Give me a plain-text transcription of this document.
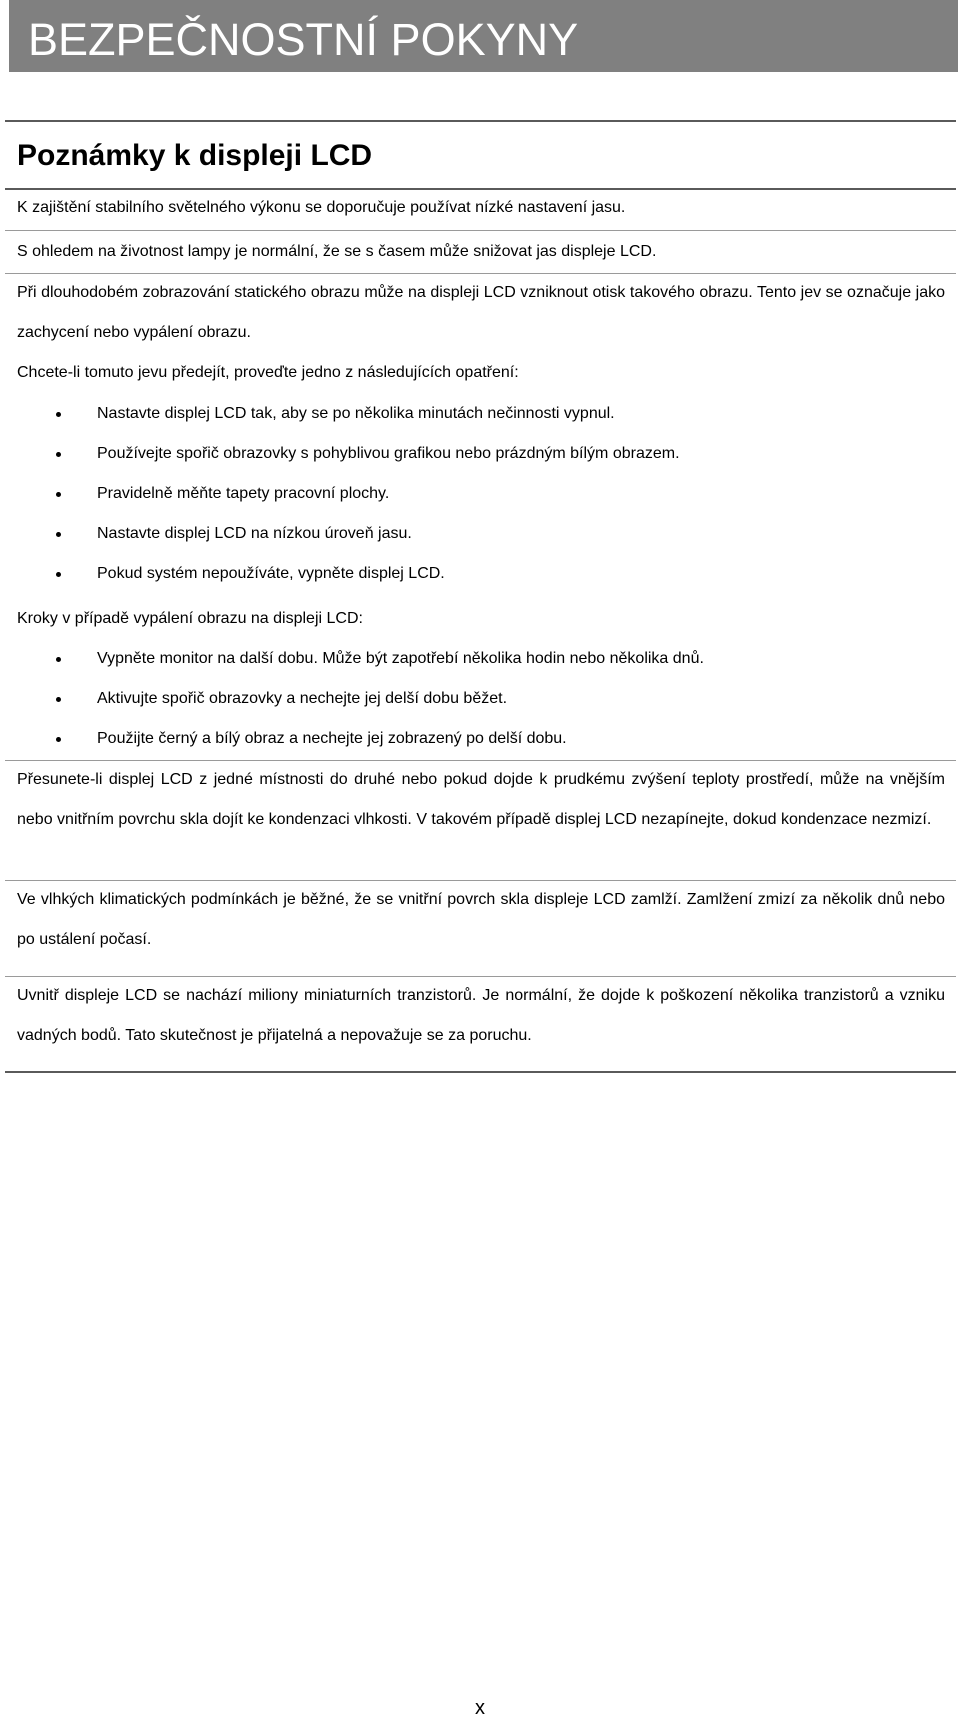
BEZPEČNOSTNÍ POKYNY
Poznámky k displeji LCD
K zajištění stabilního světelného výkonu se doporučuje používat nízké nastavení jasu.
S ohledem na životnost lampy je normální, že se s časem může snižovat jas displeje LCD.
Při dlouhodobém zobrazování statického obrazu může na displeji LCD vzniknout otisk takového obrazu. Tento jev se označuje jako zachycení nebo vypálení obrazu.
Chcete-li tomuto jevu předejít, proveďte jedno z následujících opatření:
Nastavte displej LCD tak, aby se po několika minutách nečinnosti vypnul.
Používejte spořič obrazovky s pohyblivou grafikou nebo prázdným bílým obrazem.
Pravidelně měňte tapety pracovní plochy.
Nastavte displej LCD na nízkou úroveň jasu.
Pokud systém nepoužíváte, vypněte displej LCD.
Kroky v případě vypálení obrazu na displeji LCD:
Vypněte monitor na další dobu. Může být zapotřebí několika hodin nebo několika dnů.
Aktivujte spořič obrazovky a nechejte jej delší dobu běžet.
Použijte černý a bílý obraz a nechejte jej zobrazený po delší dobu.
Přesunete-li displej LCD z jedné místnosti do druhé nebo pokud dojde k prudkému zvýšení teploty prostředí, může na vnějším nebo vnitřním povrchu skla dojít ke kondenzaci vlhkosti. V takovém případě displej LCD nezapínejte, dokud kondenzace nezmizí.
Ve vlhkých klimatických podmínkách je běžné, že se vnitřní povrch skla displeje LCD zamlží. Zamlžení zmizí za několik dnů nebo po ustálení počasí.
Uvnitř displeje LCD se nachází miliony miniaturních tranzistorů. Je normální, že dojde k poškození několika tranzistorů a vzniku vadných bodů. Tato skutečnost je přijatelná a nepovažuje se za poruchu.
x
